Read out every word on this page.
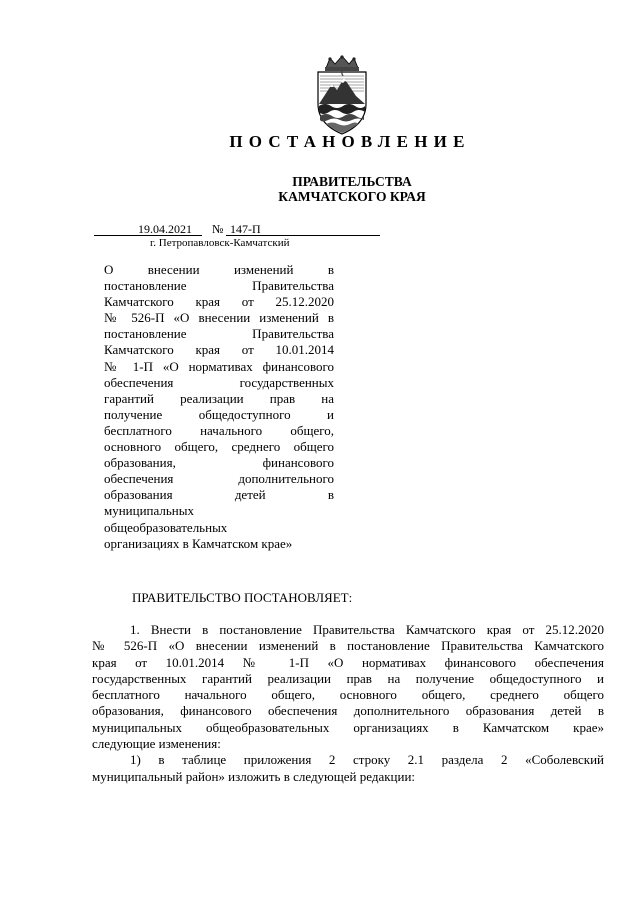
ПОСТАНОВЛЕНИЕ
ПРАВИТЕЛЬСТВА
КАМЧАТСКОГО КРАЯ
19.04.2021 № 147-П
г. Петропавловск-Камчатский
О внесении изменений в
постановление Правительства
Камчатского края от 25.12.2020
№ 526-П «О внесении изменений в
постановление Правительства
Камчатского края от 10.01.2014
№ 1-П «О нормативах финансового
обеспечения государственных
гарантий реализации прав на
получение общедоступного и
бесплатного начального общего,
основного общего, среднего общего
образования, финансового
обеспечения дополнительного
образования детей в
муниципальных
общеобразовательных
организациях в Камчатском крае»
ПРАВИТЕЛЬСТВО ПОСТАНОВЛЯЕТ:
1. Внести в постановление Правительства Камчатского края от 25.12.2020
№ 526-П «О внесении изменений в постановление Правительства Камчатского
края от 10.01.2014 № 1-П «О нормативах финансового обеспечения
государственных гарантий реализации прав на получение общедоступного и
бесплатного начального общего, основного общего, среднего общего
образования, финансового обеспечения дополнительного образования детей в
муниципальных общеобразовательных организациях в Камчатском крае»
следующие изменения:
1) в таблице приложения 2 строку 2.1 раздела 2 «Соболевский
муниципальный район» изложить в следующей редакции:
